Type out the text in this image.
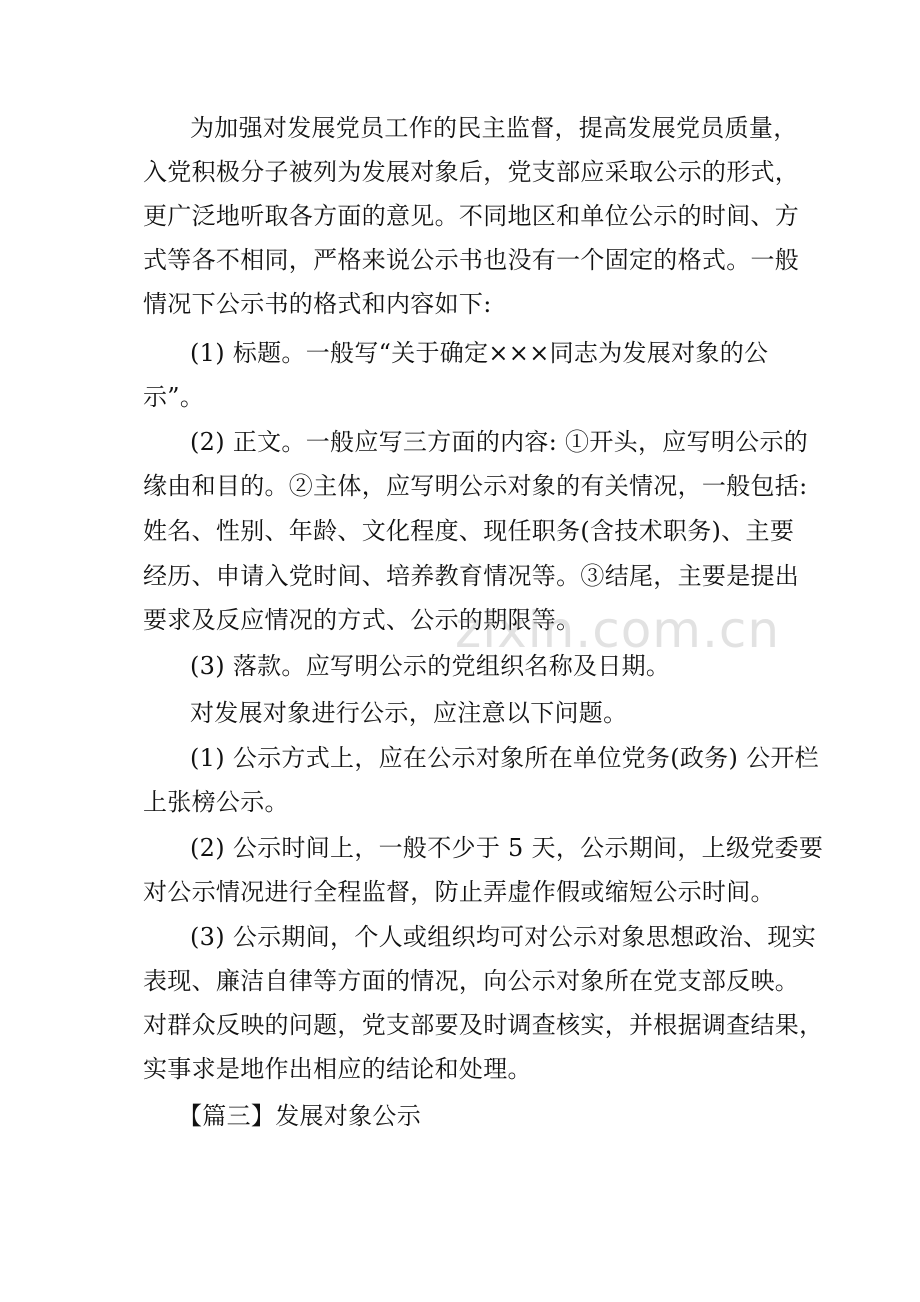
为加强对发展党员工作的民主监督，提高发展党员质量，
入党积极分子被列为发展对象后，党支部应采取公示的形式，
更广泛地听取各方面的意见。不同地区和单位公示的时间、方
式等各不相同，严格来说公示书也没有一个固定的格式。一般
情况下公示书的格式和内容如下:
(1) 标题。一般写“关于确定×××同志为发展对象的公
示”。
(2) 正文。一般应写三方面的内容: ①开头，应写明公示的
缘由和目的。②主体，应写明公示对象的有关情况，一般包括:
姓名、性别、年龄、文化程度、现任职务(含技术职务)、主要
经历、申请入党时间、培养教育情况等。③结尾，主要是提出
要求及反应情况的方式、公示的期限等。
(3) 落款。应写明公示的党组织名称及日期。
对发展对象进行公示，应注意以下问题。
(1) 公示方式上，应在公示对象所在单位党务(政务) 公开栏
上张榜公示。
(2) 公示时间上，一般不少于 5 天，公示期间，上级党委要
对公示情况进行全程监督，防止弄虚作假或缩短公示时间。
(3) 公示期间，个人或组织均可对公示对象思想政治、现实
表现、廉洁自律等方面的情况，向公示对象所在党支部反映。
对群众反映的问题，党支部要及时调查核实，并根据调查结果，
实事求是地作出相应的结论和处理。
【篇三】发展对象公示
zixin.com.cn
